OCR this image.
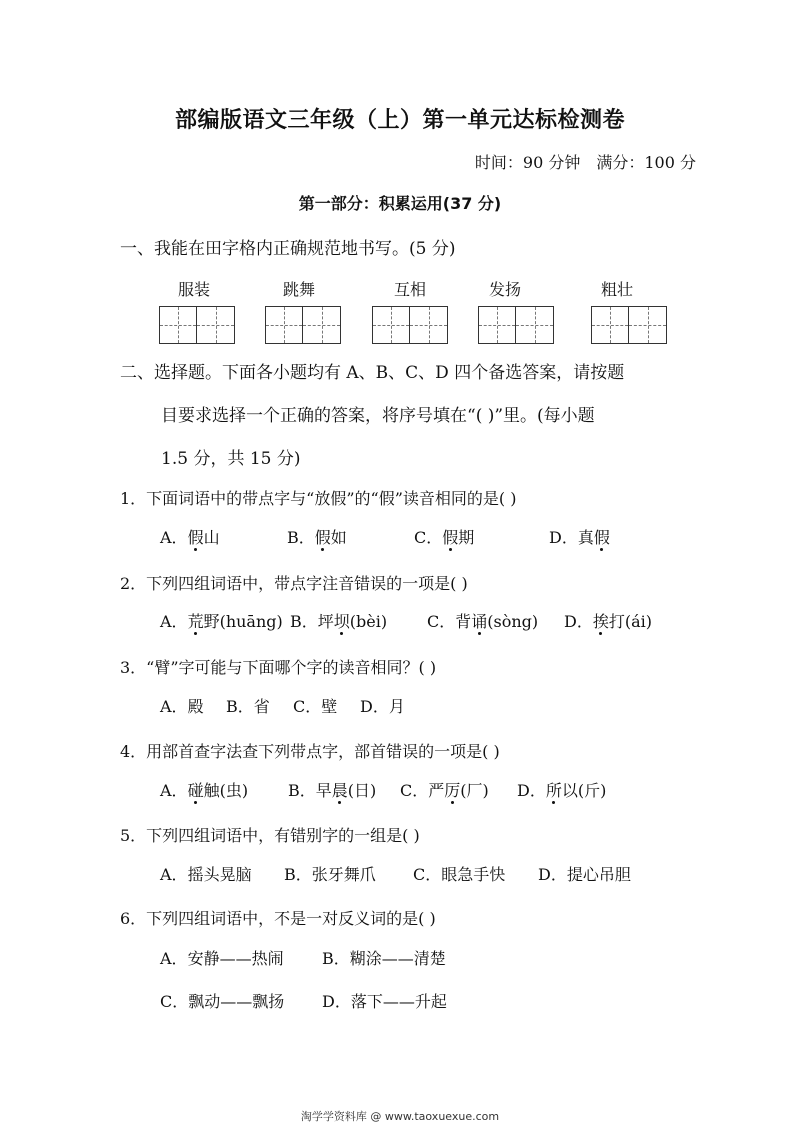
部编版语文三年级（上）第一单元达标检测卷
时间：90 分钟 满分：100 分
第一部分：积累运用(37 分)
一、我能在田字格内正确规范地书写。(5 分)
服装	跳舞	互相	发扬	粗壮
二、选择题。下面各小题均有 A、B、C、D 四个备选答案，请按题
目要求选择一个正确的答案，将序号填在“( )”里。(每小题
1.5 分，共 15 分)
1．下面词语中的带点字与“放假”的“假”读音相同的是( )
A．假山	B．假如	C．假期	D．真假
2．下列四组词语中，带点字注音错误的一项是( )
A．荒野(huāng) B．坪坝(bèi) C．背诵(sòng) D．挨打(ái)
3．“臂”字可能与下面哪个字的读音相同？( )
A．殿 B．省 C．壁 D．月
4．用部首查字法查下列带点字，部首错误的一项是( )
A．碰触(虫) B．早晨(日) C．严厉(厂) D．所以(斤)
5．下列四组词语中，有错别字的一组是( )
A．摇头晃脑 B．张牙舞爪 C．眼急手快 D．提心吊胆
6．下列四组词语中，不是一对反义词的是( )
A．安静——热闹 B．糊涂——清楚
C．飘动——飘扬 D．落下——升起
淘学学资料库 @ www.taoxuexue.com
